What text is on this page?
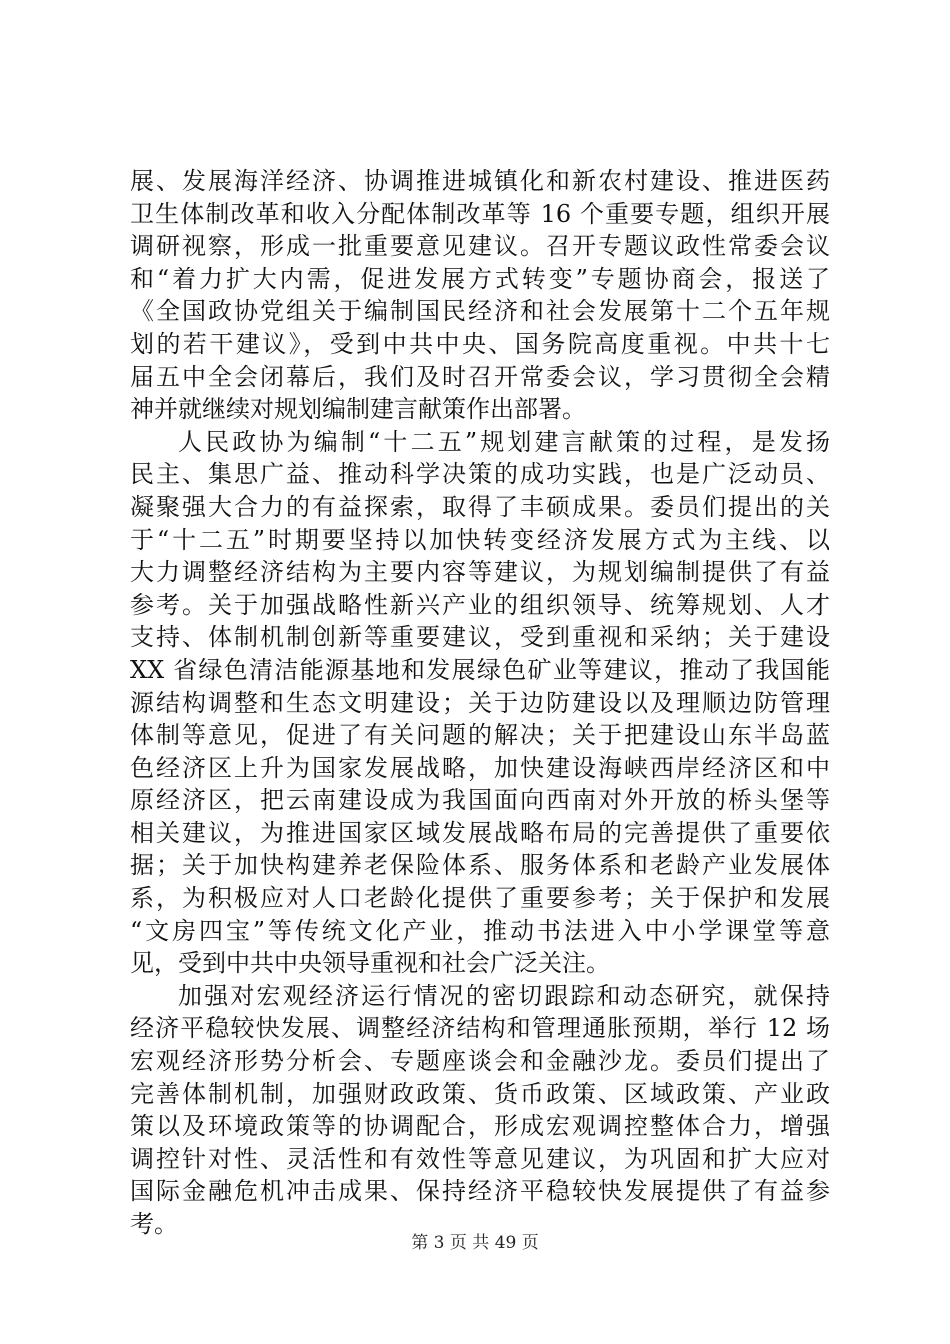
展、发展海洋经济、协调推进城镇化和新农村建设、推进医药
卫生体制改革和收入分配体制改革等 16 个重要专题，组织开展
调研视察，形成一批重要意见建议。召开专题议政性常委会议
和“着力扩大内需，促进发展方式转变”专题协商会，报送了
《全国政协党组关于编制国民经济和社会发展第十二个五年规
划的若干建议》，受到中共中央、国务院高度重视。中共十七
届五中全会闭幕后，我们及时召开常委会议，学习贯彻全会精
神并就继续对规划编制建言献策作出部署。
人民政协为编制“十二五”规划建言献策的过程，是发扬
民主、集思广益、推动科学决策的成功实践，也是广泛动员、
凝聚强大合力的有益探索，取得了丰硕成果。委员们提出的关
于“十二五”时期要坚持以加快转变经济发展方式为主线、以
大力调整经济结构为主要内容等建议，为规划编制提供了有益
参考。关于加强战略性新兴产业的组织领导、统筹规划、人才
支持、体制机制创新等重要建议，受到重视和采纳；关于建设
XX 省绿色清洁能源基地和发展绿色矿业等建议，推动了我国能
源结构调整和生态文明建设；关于边防建设以及理顺边防管理
体制等意见，促进了有关问题的解决；关于把建设山东半岛蓝
色经济区上升为国家发展战略，加快建设海峡西岸经济区和中
原经济区，把云南建设成为我国面向西南对外开放的桥头堡等
相关建议，为推进国家区域发展战略布局的完善提供了重要依
据；关于加快构建养老保险体系、服务体系和老龄产业发展体
系，为积极应对人口老龄化提供了重要参考；关于保护和发展
“文房四宝”等传统文化产业，推动书法进入中小学课堂等意
见，受到中共中央领导重视和社会广泛关注。
加强对宏观经济运行情况的密切跟踪和动态研究，就保持
经济平稳较快发展、调整经济结构和管理通胀预期，举行 12 场
宏观经济形势分析会、专题座谈会和金融沙龙。委员们提出了
完善体制机制，加强财政政策、货币政策、区域政策、产业政
策以及环境政策等的协调配合，形成宏观调控整体合力，增强
调控针对性、灵活性和有效性等意见建议，为巩固和扩大应对
国际金融危机冲击成果、保持经济平稳较快发展提供了有益参
考。
第 3 页 共 49 页
